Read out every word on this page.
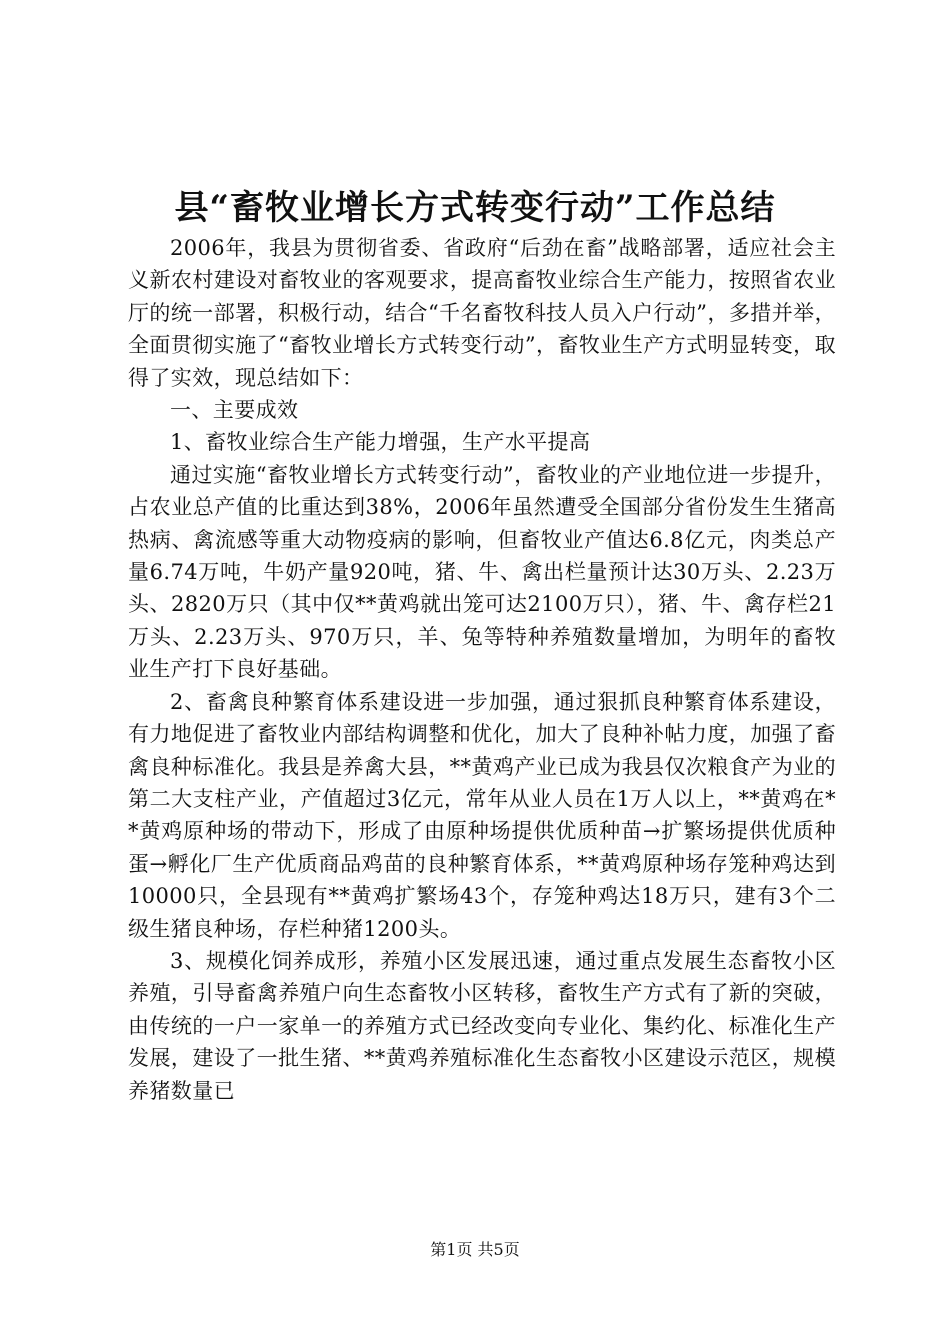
县“畜牧业增长方式转变行动”工作总结

2006年，我县为贯彻省委、省政府“后劲在畜”战略部署，适应社会主义新农村建设对畜牧业的客观要求，提高畜牧业综合生产能力，按照省农业厅的统一部署，积极行动，结合“千名畜牧科技人员入户行动”，多措并举，全面贯彻实施了“畜牧业增长方式转变行动”，畜牧业生产方式明显转变，取得了实效，现总结如下：

一、主要成效

1、畜牧业综合生产能力增强，生产水平提高

通过实施“畜牧业增长方式转变行动”，畜牧业的产业地位进一步提升，占农业总产值的比重达到38%，2006年虽然遭受全国部分省份发生生猪高热病、禽流感等重大动物疫病的影响，但畜牧业产值达6.8亿元，肉类总产量6.74万吨，牛奶产量920吨，猪、牛、禽出栏量预计达30万头、2.23万头、2820万只（其中仅**黄鸡就出笼可达2100万只），猪、牛、禽存栏21万头、2.23万头、970万只，羊、兔等特种养殖数量增加，为明年的畜牧业生产打下良好基础。

2、畜禽良种繁育体系建设进一步加强，通过狠抓良种繁育体系建设，有力地促进了畜牧业内部结构调整和优化，加大了良种补帖力度，加强了畜禽良种标准化。我县是养禽大县，**黄鸡产业已成为我县仅次粮食产为业的第二大支柱产业，产值超过3亿元，常年从业人员在1万人以上，**黄鸡在**黄鸡原种场的带动下，形成了由原种场提供优质种苗→扩繁场提供优质种蛋→孵化厂生产优质商品鸡苗的良种繁育体系，**黄鸡原种场存笼种鸡达到10000只，全县现有**黄鸡扩繁场43个，存笼种鸡达18万只，建有3个二级生猪良种场，存栏种猪1200头。

3、规模化饲养成形，养殖小区发展迅速，通过重点发展生态畜牧小区养殖，引导畜禽养殖户向生态畜牧小区转移，畜牧生产方式有了新的突破，由传统的一户一家单一的养殖方式已经改变向专业化、集约化、标准化生产发展，建设了一批生猪、**黄鸡养殖标准化生态畜牧小区建设示范区，规模养猪数量已

第1页 共5页
